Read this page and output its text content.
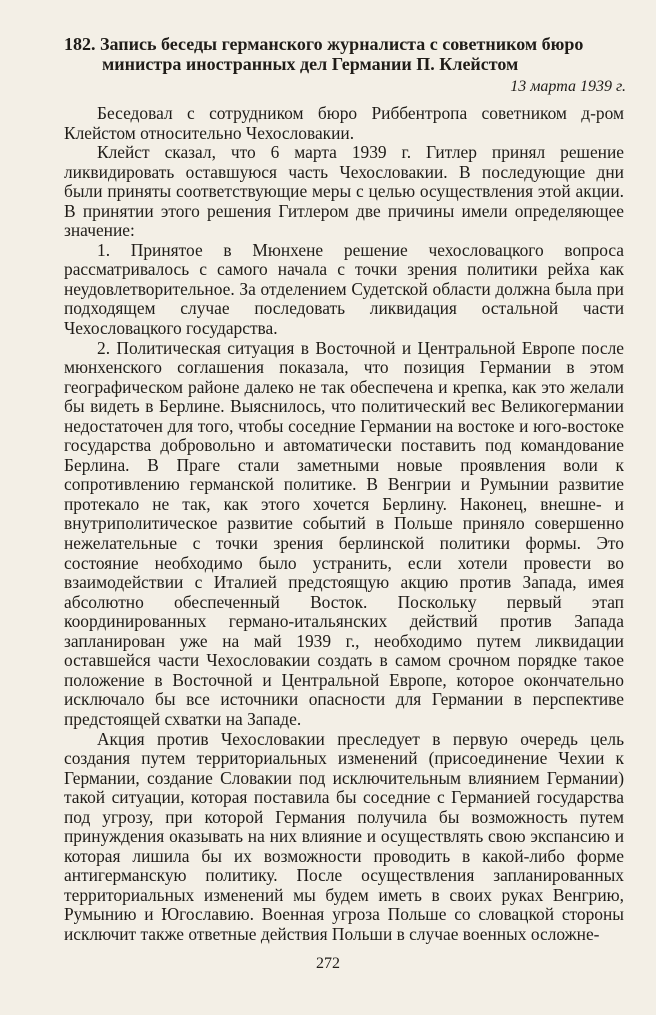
182. Запись беседы германского журналиста с советником бюро
министра иностранных дел Германии П. Клейстом
13 марта 1939 г.

Беседовал с сотрудником бюро Риббентропа советником д-ром Клейстом относительно Чехословакии.

Клейст сказал, что 6 марта 1939 г. Гитлер принял решение ликвидировать оставшуюся часть Чехословакии. В последующие дни были приняты соответствующие меры с целью осуществления этой акции. В принятии этого решения Гитлером две причины имели определяющее значение:

1. Принятое в Мюнхене решение чехословацкого вопроса рассматривалось с самого начала с точки зрения политики рейха как неудовлетворительное. За отделением Судетской области должна была при подходящем случае последовать ликвидация остальной части Чехословацкого государства.

2. Политическая ситуация в Восточной и Центральной Европе после мюнхенского соглашения показала, что позиция Германии в этом географическом районе далеко не так обеспечена и крепка, как это желали бы видеть в Берлине. Выяснилось, что политический вес Великогермании недостаточен для того, чтобы соседние Германии на востоке и юго-востоке государства добровольно и автоматически поставить под командование Берлина. В Праге стали заметными новые проявления воли к сопротивлению германской политике. В Венгрии и Румынии развитие протекало не так, как этого хочется Берлину. Наконец, внешне- и внутриполитическое развитие событий в Польше приняло совершенно нежелательные с точки зрения берлинской политики формы. Это состояние необходимо было устранить, если хотели провести во взаимодействии с Италией предстоящую акцию против Запада, имея абсолютно обеспеченный Восток. Поскольку первый этап координированных германо-итальянских действий против Запада запланирован уже на май 1939 г., необходимо путем ликвидации оставшейся части Чехословакии создать в самом срочном порядке такое положение в Восточной и Центральной Европе, которое окончательно исключало бы все источники опасности для Германии в перспективе предстоящей схватки на Западе.

Акция против Чехословакии преследует в первую очередь цель создания путем территориальных изменений (присоединение Чехии к Германии, создание Словакии под исключительным влиянием Германии) такой ситуации, которая поставила бы соседние с Германией государства под угрозу, при которой Германия получила бы возможность путем принуждения оказывать на них влияние и осуществлять свою экспансию и которая лишила бы их возможности проводить в какой-либо форме антигерманскую политику. После осуществления запланированных территориальных изменений мы будем иметь в своих руках Венгрию, Румынию и Югославию. Военная угроза Польше со словацкой стороны исключит также ответные действия Польши в случае военных осложне-

272
